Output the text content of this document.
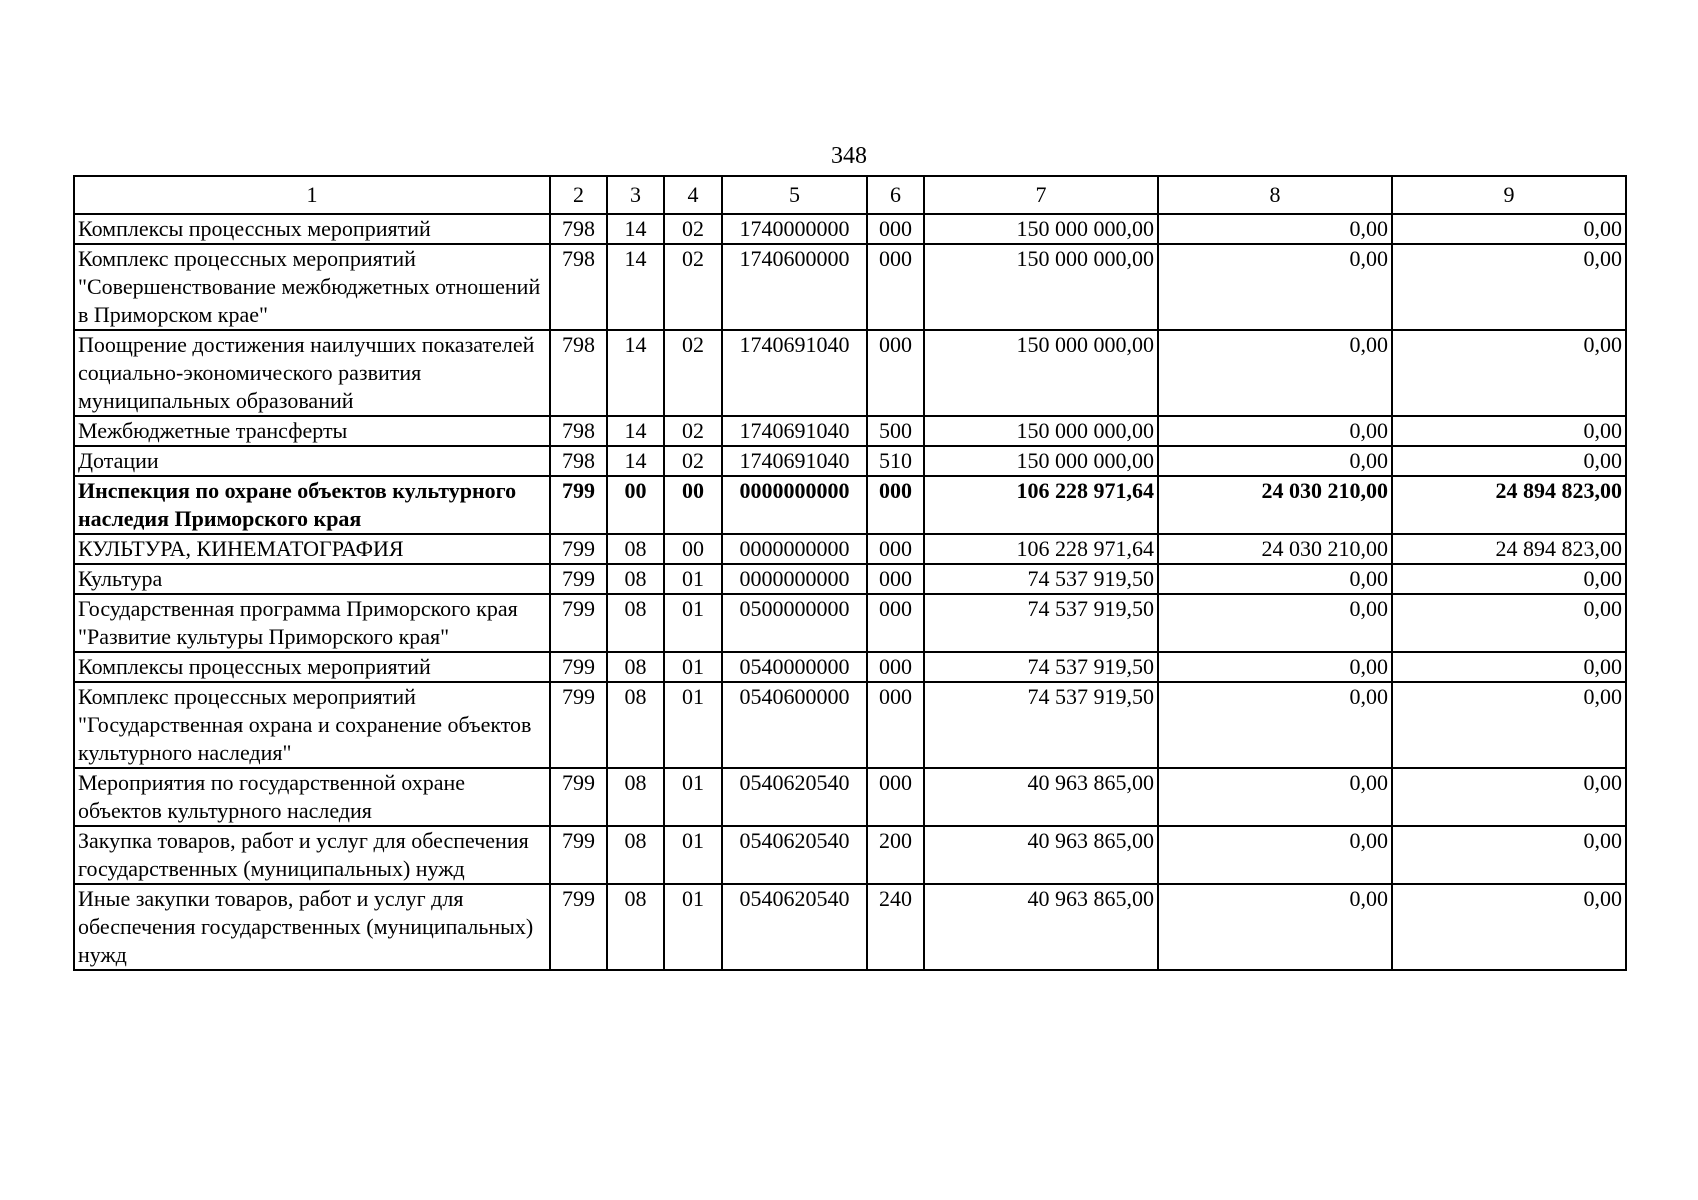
348
1	2	3	4	5	6	7	8	9
Комплексы процессных мероприятий	798	14	02	1740000000	000	150 000 000,00	0,00	0,00
Комплекс процессных мероприятий "Совершенствование межбюджетных отношений в Приморском крае"	798	14	02	1740600000	000	150 000 000,00	0,00	0,00
Поощрение достижения наилучших показателей социально-экономического развития муниципальных образований	798	14	02	1740691040	000	150 000 000,00	0,00	0,00
Межбюджетные трансферты	798	14	02	1740691040	500	150 000 000,00	0,00	0,00
Дотации	798	14	02	1740691040	510	150 000 000,00	0,00	0,00
Инспекция по охране объектов культурного наследия Приморского края	799	00	00	0000000000	000	106 228 971,64	24 030 210,00	24 894 823,00
КУЛЬТУРА, КИНЕМАТОГРАФИЯ	799	08	00	0000000000	000	106 228 971,64	24 030 210,00	24 894 823,00
Культура	799	08	01	0000000000	000	74 537 919,50	0,00	0,00
Государственная программа Приморского края "Развитие культуры Приморского края"	799	08	01	0500000000	000	74 537 919,50	0,00	0,00
Комплексы процессных мероприятий	799	08	01	0540000000	000	74 537 919,50	0,00	0,00
Комплекс процессных мероприятий "Государственная охрана и сохранение объектов культурного наследия"	799	08	01	0540600000	000	74 537 919,50	0,00	0,00
Мероприятия по государственной охране объектов культурного наследия	799	08	01	0540620540	000	40 963 865,00	0,00	0,00
Закупка товаров, работ и услуг для обеспечения государственных (муниципальных) нужд	799	08	01	0540620540	200	40 963 865,00	0,00	0,00
Иные закупки товаров, работ и услуг для обеспечения государственных (муниципальных) нужд	799	08	01	0540620540	240	40 963 865,00	0,00	0,00
